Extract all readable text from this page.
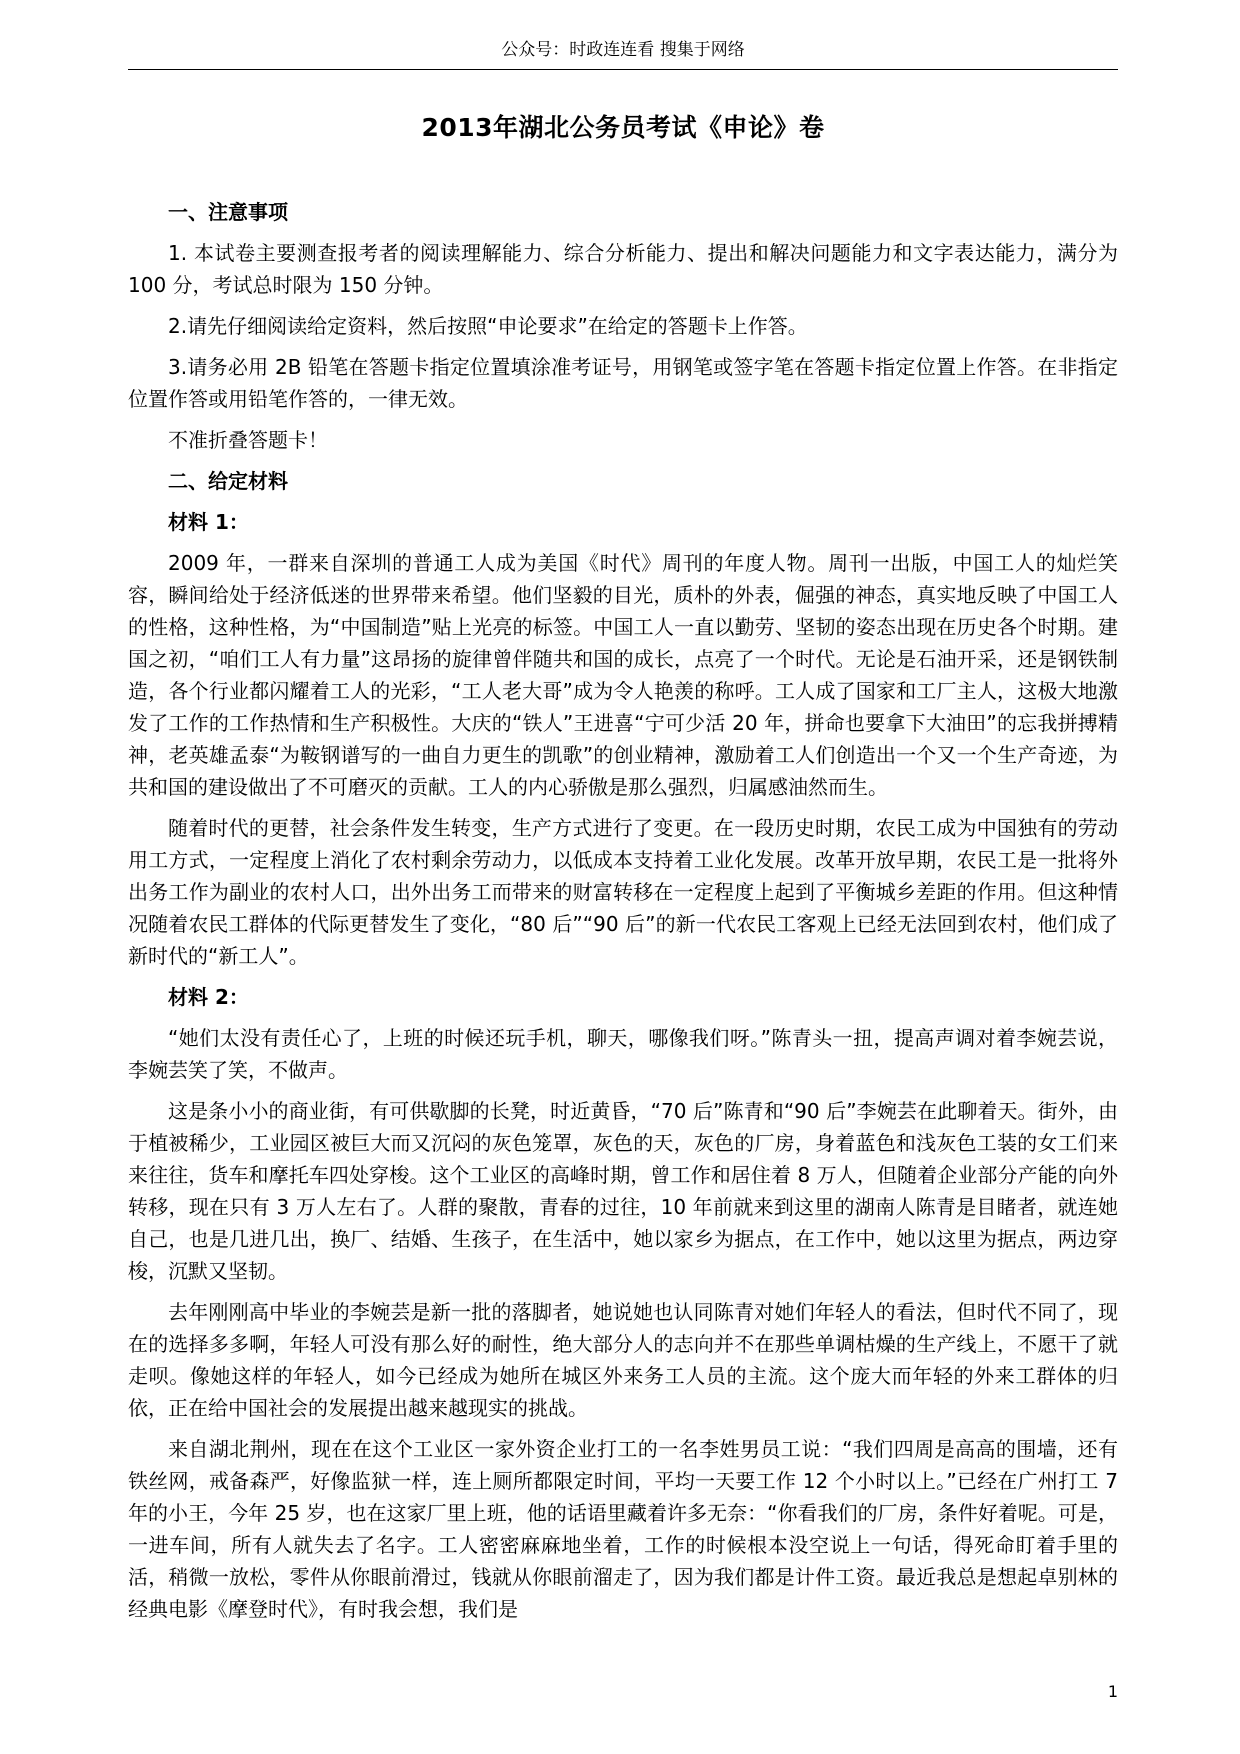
公众号：时政连连看 搜集于网络
2013年湖北公务员考试《申论》卷
一、注意事项

1. 本试卷主要测查报考者的阅读理解能力、综合分析能力、提出和解决问题能力和文字表达能力，满分为 100 分，考试总时限为 150 分钟。

2.请先仔细阅读给定资料，然后按照“申论要求”在给定的答题卡上作答。

3.请务必用 2B 铅笔在答题卡指定位置填涂准考证号，用钢笔或签字笔在答题卡指定位置上作答。在非指定位置作答或用铅笔作答的，一律无效。

不准折叠答题卡！

二、给定材料
材料 1：

2009 年，一群来自深圳的普通工人成为美国《时代》周刊的年度人物。周刊一出版，中国工人的灿烂笑容，瞬间给处于经济低迷的世界带来希望。他们坚毅的目光，质朴的外表，倔强的神态，真实地反映了中国工人的性格，这种性格，为“中国制造”贴上光亮的标签。中国工人一直以勤劳、坚韧的姿态出现在历史各个时期。建国之初，“咱们工人有力量”这昂扬的旋律曾伴随共和国的成长，点亮了一个时代。无论是石油开采，还是钢铁制造，各个行业都闪耀着工人的光彩，“工人老大哥”成为令人艳羡的称呼。工人成了国家和工厂主人，这极大地激发了工作的工作热情和生产积极性。大庆的“铁人”王进喜“宁可少活 20 年，拼命也要拿下大油田”的忘我拼搏精神，老英雄孟泰“为鞍钢谱写的一曲自力更生的凯歌”的创业精神，激励着工人们创造出一个又一个生产奇迹，为共和国的建设做出了不可磨灭的贡献。工人的内心骄傲是那么强烈，归属感油然而生。

随着时代的更替，社会条件发生转变，生产方式进行了变更。在一段历史时期，农民工成为中国独有的劳动用工方式，一定程度上消化了农村剩余劳动力，以低成本支持着工业化发展。改革开放早期，农民工是一批将外出务工作为副业的农村人口，出外出务工而带来的财富转移在一定程度上起到了平衡城乡差距的作用。但这种情况随着农民工群体的代际更替发生了变化，“80 后”“90 后”的新一代农民工客观上已经无法回到农村，他们成了新时代的“新工人”。

材料 2：

“她们太没有责任心了，上班的时候还玩手机，聊天，哪像我们呀。”陈青头一扭，提高声调对着李婉芸说，李婉芸笑了笑，不做声。

这是条小小的商业街，有可供歇脚的长凳，时近黄昏，“70 后”陈青和“90 后”李婉芸在此聊着天。街外，由于植被稀少，工业园区被巨大而又沉闷的灰色笼罩，灰色的天，灰色的厂房，身着蓝色和浅灰色工装的女工们来来往往，货车和摩托车四处穿梭。这个工业区的高峰时期，曾工作和居住着 8 万人，但随着企业部分产能的向外转移，现在只有 3 万人左右了。人群的聚散，青春的过往，10 年前就来到这里的湖南人陈青是目睹者，就连她自己，也是几进几出，换厂、结婚、生孩子，在生活中，她以家乡为据点，在工作中，她以这里为据点，两边穿梭，沉默又坚韧。

去年刚刚高中毕业的李婉芸是新一批的落脚者，她说她也认同陈青对她们年轻人的看法，但时代不同了，现在的选择多多啊，年轻人可没有那么好的耐性，绝大部分人的志向并不在那些单调枯燥的生产线上，不愿干了就走呗。像她这样的年轻人，如今已经成为她所在城区外来务工人员的主流。这个庞大而年轻的外来工群体的归依，正在给中国社会的发展提出越来越现实的挑战。

来自湖北荆州，现在在这个工业区一家外资企业打工的一名李姓男员工说：“我们四周是高高的围墙，还有铁丝网，戒备森严，好像监狱一样，连上厕所都限定时间，平均一天要工作 12 个小时以上。”已经在广州打工 7 年的小王，今年 25 岁，也在这家厂里上班，他的话语里藏着许多无奈：“你看我们的厂房，条件好着呢。可是，一进车间，所有人就失去了名字。工人密密麻麻地坐着，工作的时候根本没空说上一句话，得死命盯着手里的活，稍微一放松，零件从你眼前滑过，钱就从你眼前溜走了，因为我们都是计件工资。最近我总是想起卓别林的经典电影《摩登时代》，有时我会想，我们是

1
